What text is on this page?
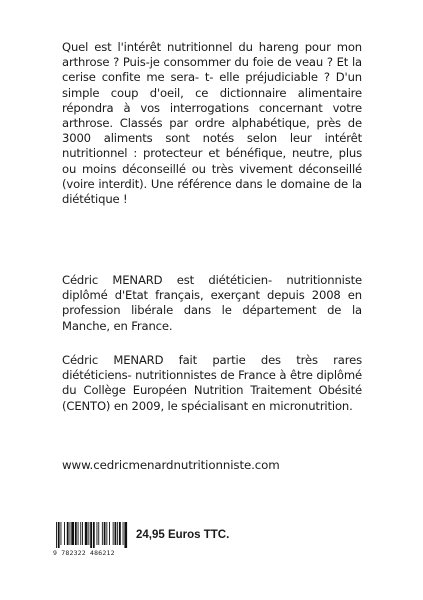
Quel est l'intérêt nutritionnel du hareng pour mon arthrose ? Puis-je consommer du foie de veau ? Et la cerise confite me sera- t- elle préjudiciable ? D'un simple coup d'oeil, ce dictionnaire alimentaire répondra à vos interrogations concernant votre arthrose. Classés par ordre alphabétique, près de 3000 aliments sont notés selon leur intérêt nutritionnel : protecteur et bénéfique, neutre, plus ou moins déconseillé ou très vivement déconseillé (voire interdit). Une référence dans le domaine de la diététique !

Cédric MENARD est diététicien- nutritionniste diplômé d'Etat français, exerçant depuis 2008 en profession libérale dans le département de la Manche, en France.

Cédric MENARD fait partie des très rares diététiciens- nutritionnistes de France à être diplômé du Collège Européen Nutrition Traitement Obésité (CENTO) en 2009, le spécialisant en micronutrition.

www.cedricmenardnutritionniste.com
9 782322 486212
24,95 Euros TTC.
